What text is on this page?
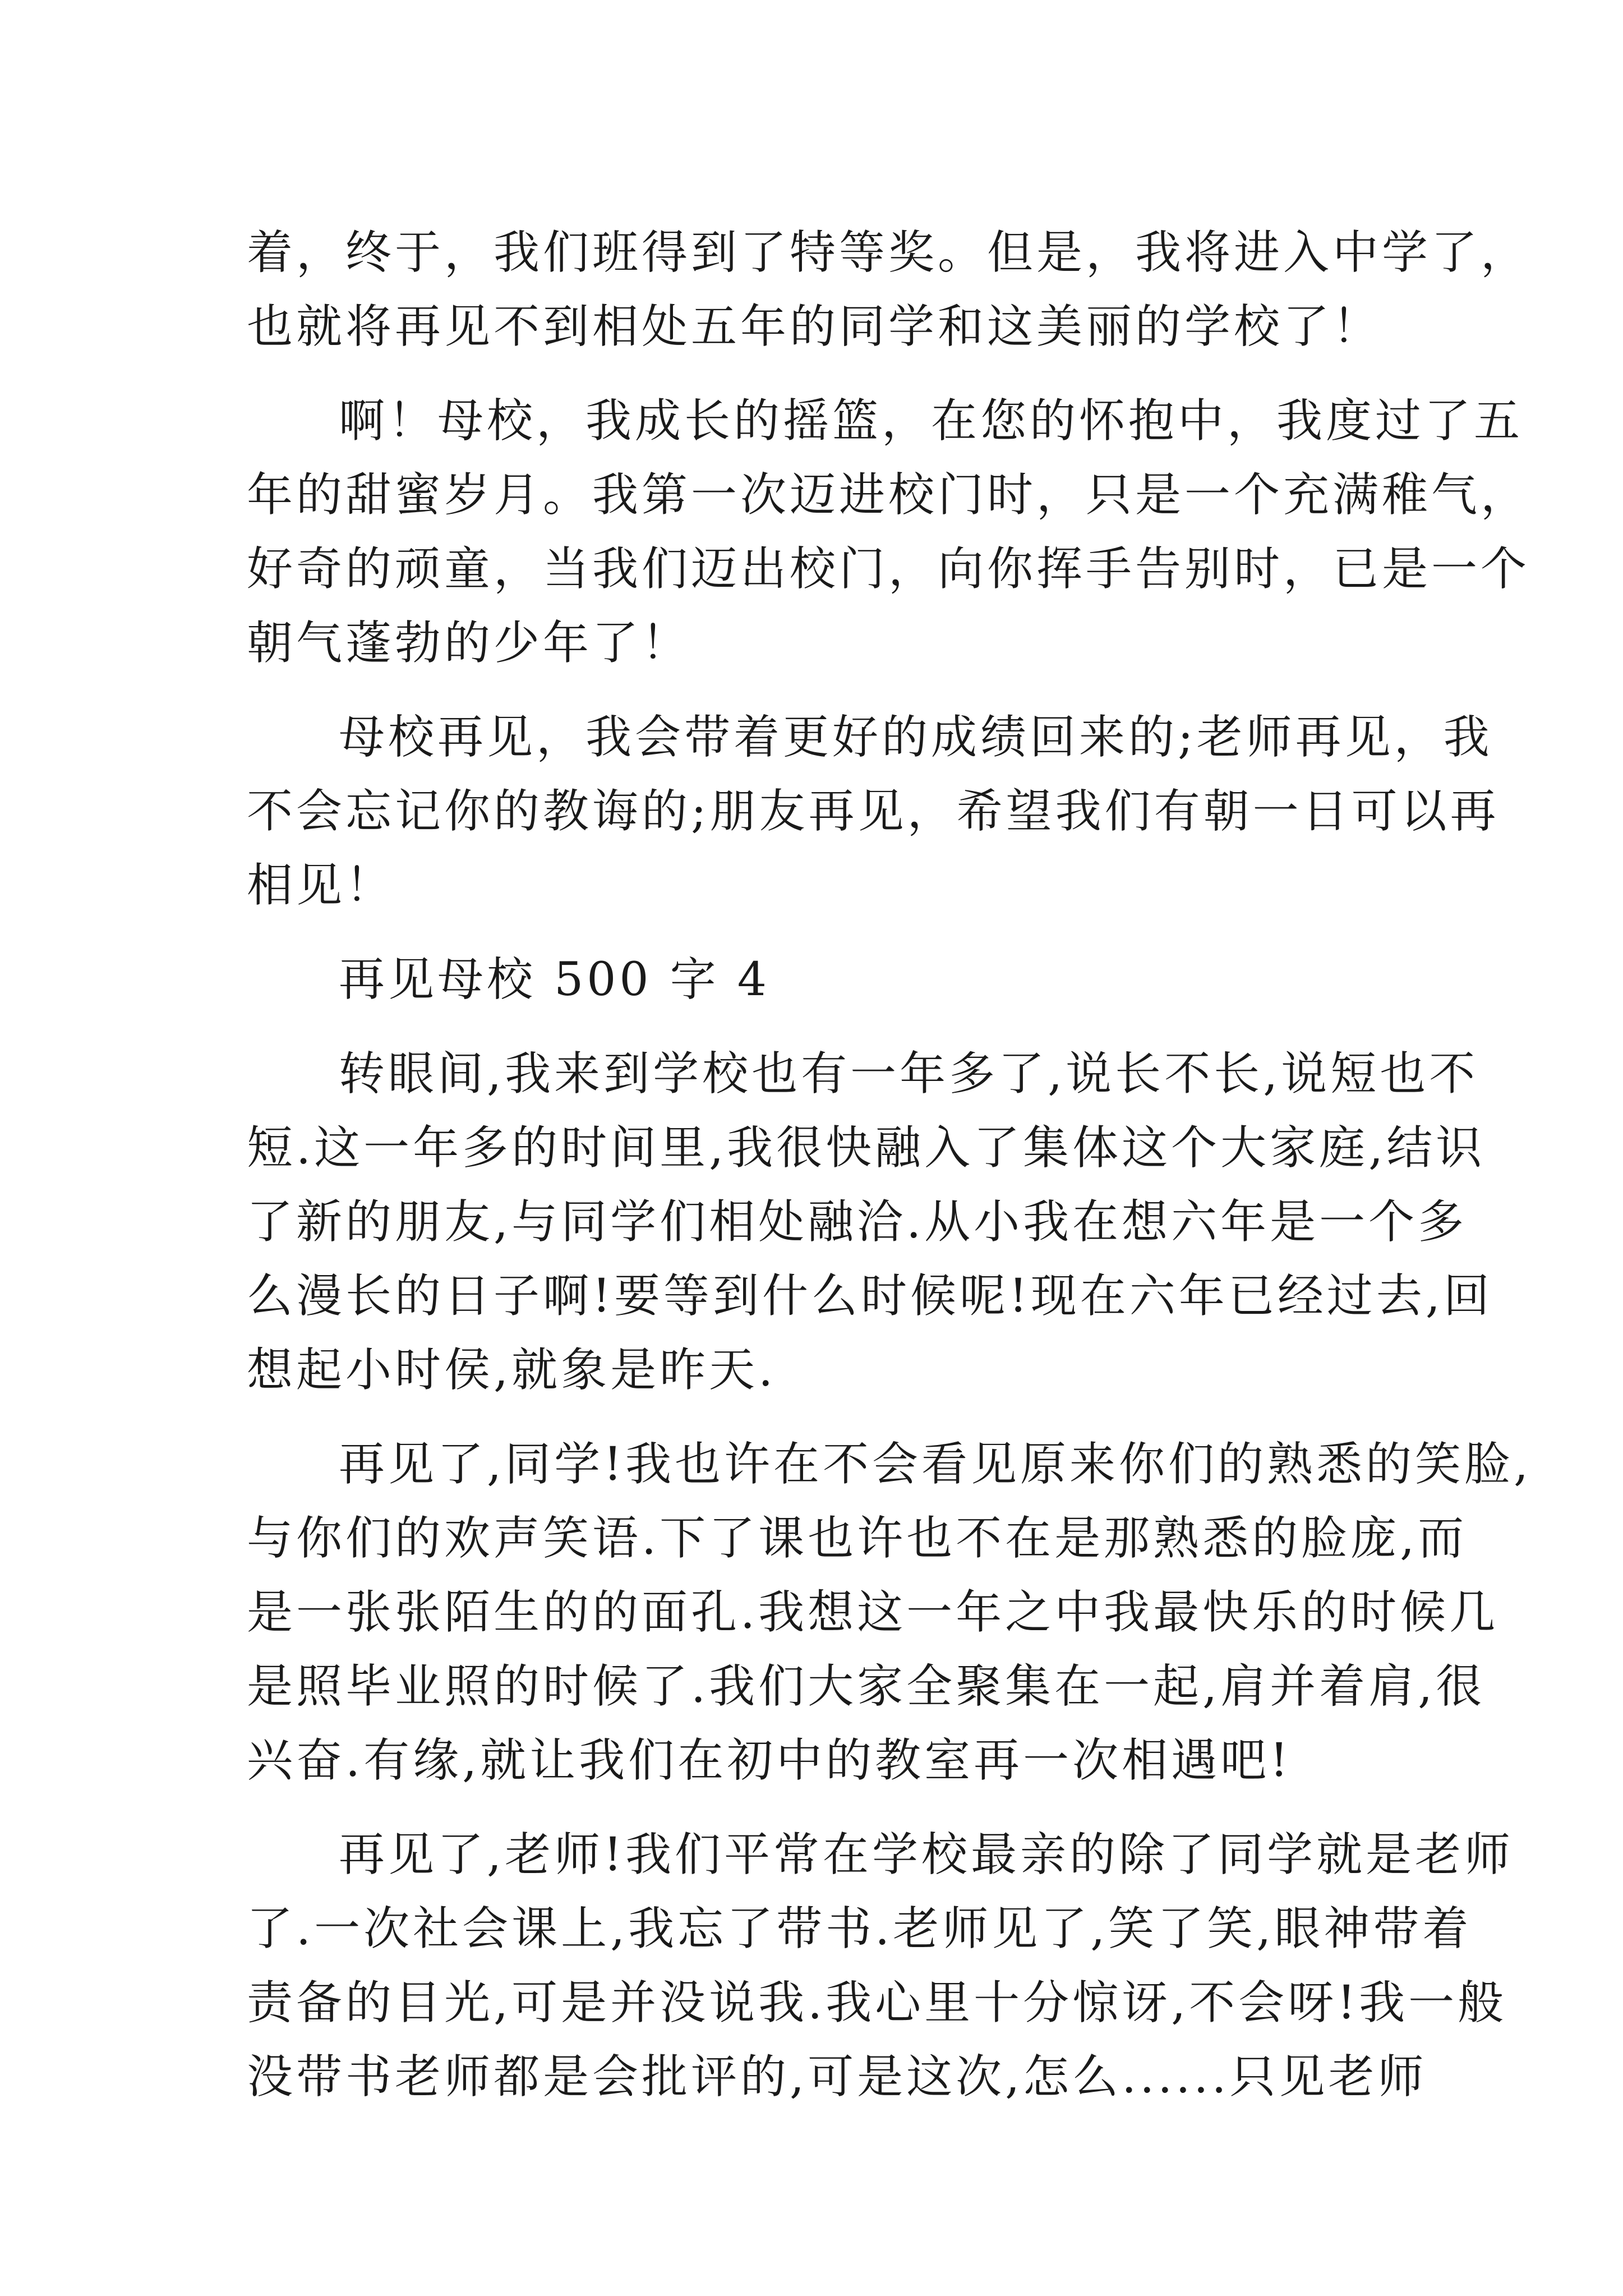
着，终于，我们班得到了特等奖。但是，我将进入中学了，
也就将再见不到相处五年的同学和这美丽的学校了！
啊！母校，我成长的摇篮，在您的怀抱中，我度过了五
年的甜蜜岁月。我第一次迈进校门时，只是一个充满稚气，
好奇的顽童，当我们迈出校门，向你挥手告别时，已是一个
朝气蓬勃的少年了！
母校再见，我会带着更好的成绩回来的;老师再见，我
不会忘记你的教诲的;朋友再见，希望我们有朝一日可以再
相见！
再见母校 500 字 4
转眼间,我来到学校也有一年多了,说长不长,说短也不
短.这一年多的时间里,我很快融入了集体这个大家庭,结识
了新的朋友,与同学们相处融洽.从小我在想六年是一个多
么漫长的日子啊!要等到什么时候呢!现在六年已经过去,回
想起小时侯,就象是昨天.
再见了,同学!我也许在不会看见原来你们的熟悉的笑脸,
与你们的欢声笑语.下了课也许也不在是那熟悉的脸庞,而
是一张张陌生的的面孔.我想这一年之中我最快乐的时候几
是照毕业照的时候了.我们大家全聚集在一起,肩并着肩,很
兴奋.有缘,就让我们在初中的教室再一次相遇吧!
再见了,老师!我们平常在学校最亲的除了同学就是老师
了.一次社会课上,我忘了带书.老师见了,笑了笑,眼神带着
责备的目光,可是并没说我.我心里十分惊讶,不会呀!我一般
没带书老师都是会批评的,可是这次,怎么......只见老师
